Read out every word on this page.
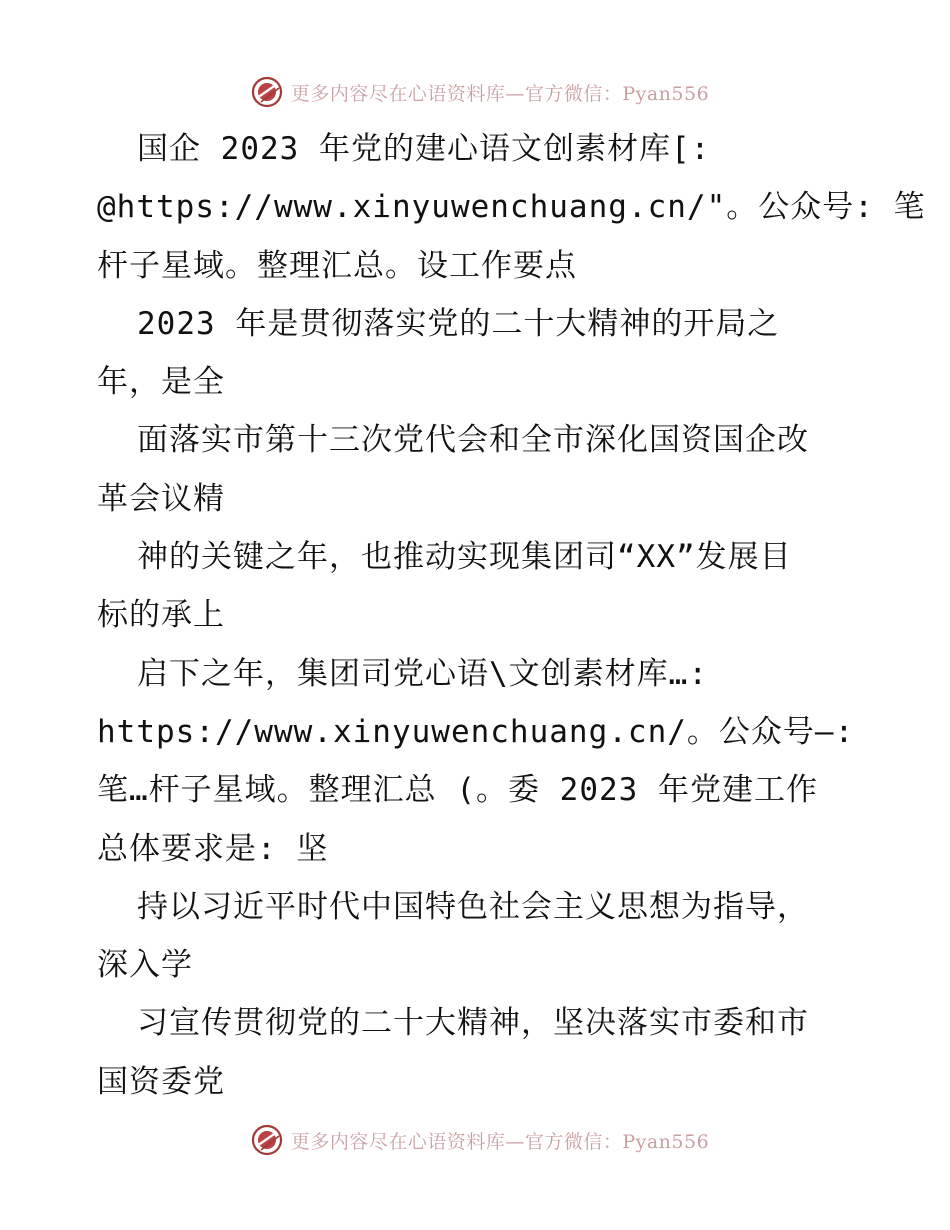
更多内容尽在心语资料库—官方微信：Pyan556
国企 2023 年党的建心语文创素材库[:
@https://www.xinyuwenchuang.cn/"。公众号: 笔
杆子星域。整理汇总。设工作要点
2023 年是贯彻落实党的二十大精神的开局之
年，是全
面落实市第十三次党代会和全市深化国资国企改
革会议精
神的关键之年，也推动实现集团司“XX”发展目
标的承上
启下之年，集团司党心语\文创素材库…:
https://www.xinyuwenchuang.cn/。公众号—:
笔…杆子星域。整理汇总 (。委 2023 年党建工作
总体要求是: 坚
持以习近平时代中国特色社会主义思想为指导，
深入学
习宣传贯彻党的二十大精神，坚决落实市委和市
国资委党
更多内容尽在心语资料库—官方微信：Pyan556
